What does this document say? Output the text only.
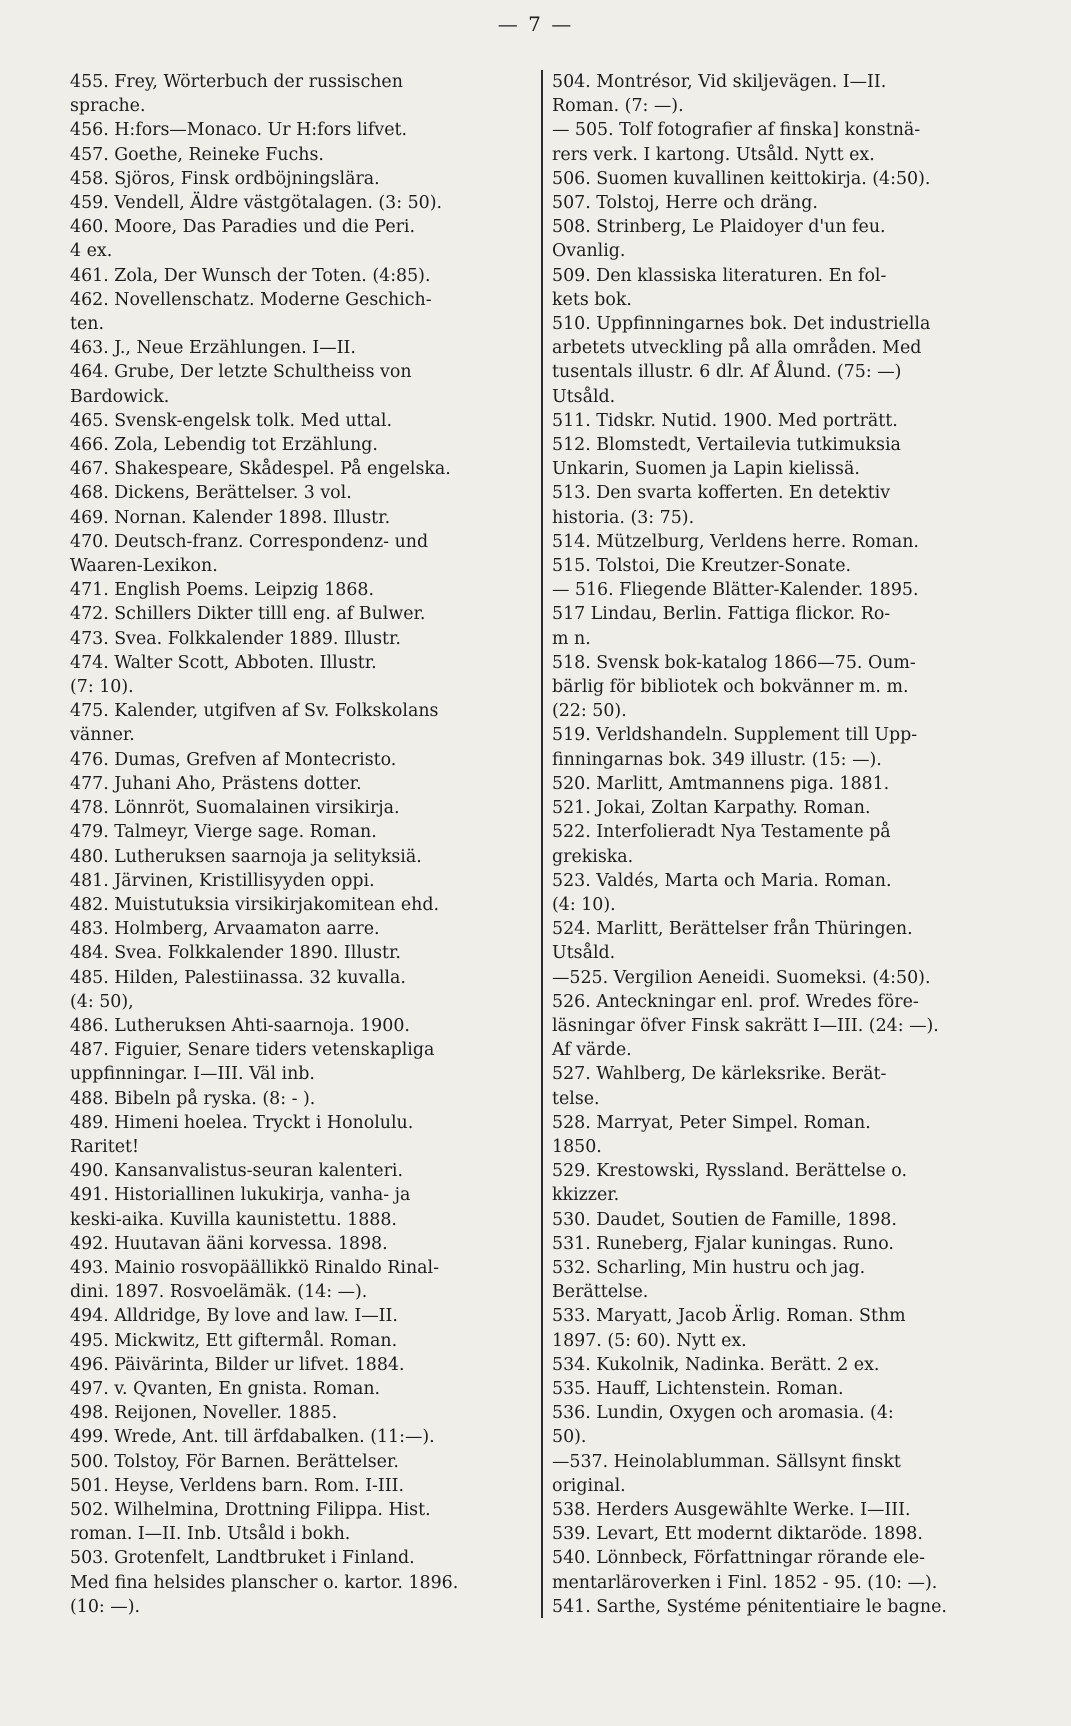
— 7 —
455. Frey, Wörterbuch der russischen
sprache.
456. H:fors—Monaco. Ur H:fors lifvet.
457. Goethe, Reineke Fuchs.
458. Sjöros, Finsk ordböjningslära.
459. Vendell, Äldre västgötalagen. (3: 50).
460. Moore, Das Paradies und die Peri.
4 ex.
461. Zola, Der Wunsch der Toten. (4:85).
462. Novellenschatz. Moderne Geschich-
ten.
463. J., Neue Erzählungen. I—II.
464. Grube, Der letzte Schultheiss von
Bardowick.
465. Svensk-engelsk tolk. Med uttal.
466. Zola, Lebendig tot Erzählung.
467. Shakespeare, Skådespel. På engelska.
468. Dickens, Berättelser. 3 vol.
469. Nornan. Kalender 1898. Illustr.
470. Deutsch-franz. Correspondenz- und
Waaren-Lexikon.
471. English Poems. Leipzig 1868.
472. Schillers Dikter tilll eng. af Bulwer.
473. Svea. Folkkalender 1889. Illustr.
474. Walter Scott, Abboten. Illustr.
(7: 10).
475. Kalender, utgifven af Sv. Folkskolans
vänner.
476. Dumas, Grefven af Montecristo.
477. Juhani Aho, Prästens dotter.
478. Lönnröt, Suomalainen virsikirja.
479. Talmeyr, Vierge sage. Roman.
480. Lutheruksen saarnoja ja selityksiä.
481. Järvinen, Kristillisyyden oppi.
482. Muistutuksia virsikirjakomitean ehd.
483. Holmberg, Arvaamaton aarre.
484. Svea. Folkkalender 1890. Illustr.
485. Hilden, Palestiinassa. 32 kuvalla.
(4: 50),
486. Lutheruksen Ahti-saarnoja. 1900.
487. Figuier, Senare tiders vetenskapliga
uppfinningar. I—III. Väl inb.
488. Bibeln på ryska. (8: - ).
489. Himeni hoelea. Tryckt i Honolulu.
Raritet!
490. Kansanvalistus-seuran kalenteri.
491. Historiallinen lukukirja, vanha- ja
keski-aika. Kuvilla kaunistettu. 1888.
492. Huutavan ääni korvessa. 1898.
493. Mainio rosvopäällikkö Rinaldo Rinal-
dini. 1897. Rosvoelämäk. (14: —).
494. Alldridge, By love and law. I—II.
495. Mickwitz, Ett giftermål. Roman.
496. Päivärinta, Bilder ur lifvet. 1884.
497. v. Qvanten, En gnista. Roman.
498. Reijonen, Noveller. 1885.
499. Wrede, Ant. till ärfdabalken. (11:—).
500. Tolstoy, För Barnen. Berättelser.
501. Heyse, Verldens barn. Rom. I-III.
502. Wilhelmina, Drottning Filippa. Hist.
roman. I—II. Inb. Utsåld i bokh.
503. Grotenfelt, Landtbruket i Finland.
Med fina helsides planscher o. kartor. 1896.
(10: —).
504. Montrésor, Vid skiljevägen. I—II.
Roman. (7: —).
— 505. Tolf fotografier af finska] konstnä-
rers verk. I kartong. Utsåld. Nytt ex.
506. Suomen kuvallinen keittokirja. (4:50).
507. Tolstoj, Herre och dräng.
508. Strinberg, Le Plaidoyer d'un feu.
Ovanlig.
509. Den klassiska literaturen. En fol-
kets bok.
510. Uppfinningarnes bok. Det industriella
arbetets utveckling på alla områden. Med
tusentals illustr. 6 dlr. Af Ålund. (75: —)
Utsåld.
511. Tidskr. Nutid. 1900. Med porträtt.
512. Blomstedt, Vertailevia tutkimuksia
Unkarin, Suomen ja Lapin kielissä.
513. Den svarta kofferten. En detektiv
historia. (3: 75).
514. Mützelburg, Verldens herre. Roman.
515. Tolstoi, Die Kreutzer-Sonate.
— 516. Fliegende Blätter-Kalender. 1895.
517 Lindau, Berlin. Fattiga flickor. Ro-
m n.
518. Svensk bok-katalog 1866—75. Oum-
bärlig för bibliotek och bokvänner m. m.
(22: 50).
519. Verldshandeln. Supplement till Upp-
finningarnas bok. 349 illustr. (15: —).
520. Marlitt, Amtmannens piga. 1881.
521. Jokai, Zoltan Karpathy. Roman.
522. Interfolieradt Nya Testamente på
grekiska.
523. Valdés, Marta och Maria. Roman.
(4: 10).
524. Marlitt, Berättelser från Thüringen.
Utsåld.
—525. Vergilion Aeneidi. Suomeksi. (4:50).
526. Anteckningar enl. prof. Wredes före-
läsningar öfver Finsk sakrätt I—III. (24: —).
Af värde.
527. Wahlberg, De kärleksrike. Berät-
telse.
528. Marryat, Peter Simpel. Roman.
1850.
529. Krestowski, Ryssland. Berättelse o.
kkizzer.
530. Daudet, Soutien de Famille, 1898.
531. Runeberg, Fjalar kuningas. Runo.
532. Scharling, Min hustru och jag.
Berättelse.
533. Maryatt, Jacob Ärlig. Roman. Sthm
1897. (5: 60). Nytt ex.
534. Kukolnik, Nadinka. Berätt. 2 ex.
535. Hauff, Lichtenstein. Roman.
536. Lundin, Oxygen och aromasia. (4:
50).
—537. Heinolablumman. Sällsynt finskt
original.
538. Herders Ausgewählte Werke. I—III.
539. Levart, Ett modernt diktaröde. 1898.
540. Lönnbeck, Författningar rörande ele-
mentarläroverken i Finl. 1852 - 95. (10: —).
541. Sarthe, Systéme pénitentiaire le bagne.
